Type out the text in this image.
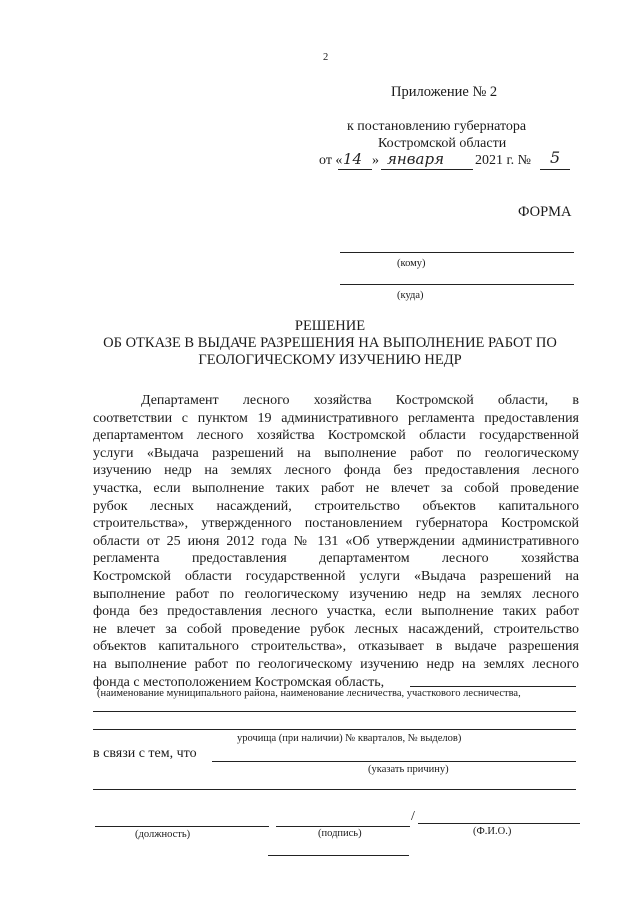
2
Приложение № 2
к постановлению губернатора
Костромской области
от « 14 » января 2021 г. № 5
ФОРМА
(кому)
(куда)
РЕШЕНИЕ
ОБ ОТКАЗЕ В ВЫДАЧЕ РАЗРЕШЕНИЯ НА ВЫПОЛНЕНИЕ РАБОТ ПО
ГЕОЛОГИЧЕСКОМУ ИЗУЧЕНИЮ НЕДР
Департамент лесного хозяйства Костромской области, в
соответствии с пунктом 19 административного регламента предоставления
департаментом лесного хозяйства Костромской области государственной
услуги «Выдача разрешений на выполнение работ по геологическому
изучению недр на землях лесного фонда без предоставления лесного
участка, если выполнение таких работ не влечет за собой проведение
рубок лесных насаждений, строительство объектов капитального
строительства», утвержденного постановлением губернатора Костромской
области от 25 июня 2012 года № 131 «Об утверждении административного
регламента предоставления департаментом лесного хозяйства
Костромской области государственной услуги «Выдача разрешений на
выполнение работ по геологическому изучению недр на землях лесного
фонда без предоставления лесного участка, если выполнение таких работ
не влечет за собой проведение рубок лесных насаждений, строительство
объектов капитального строительства», отказывает в выдаче разрешения
на выполнение работ по геологическому изучению недр на землях лесного
фонда с местоположением Костромская область,
(наименование муниципального района, наименование лесничества, участкового лесничества,
урочища (при наличии) № кварталов, № выделов)
в связи с тем, что
(указать причину)
/
(должность)	(подпись)	(Ф.И.О.)
